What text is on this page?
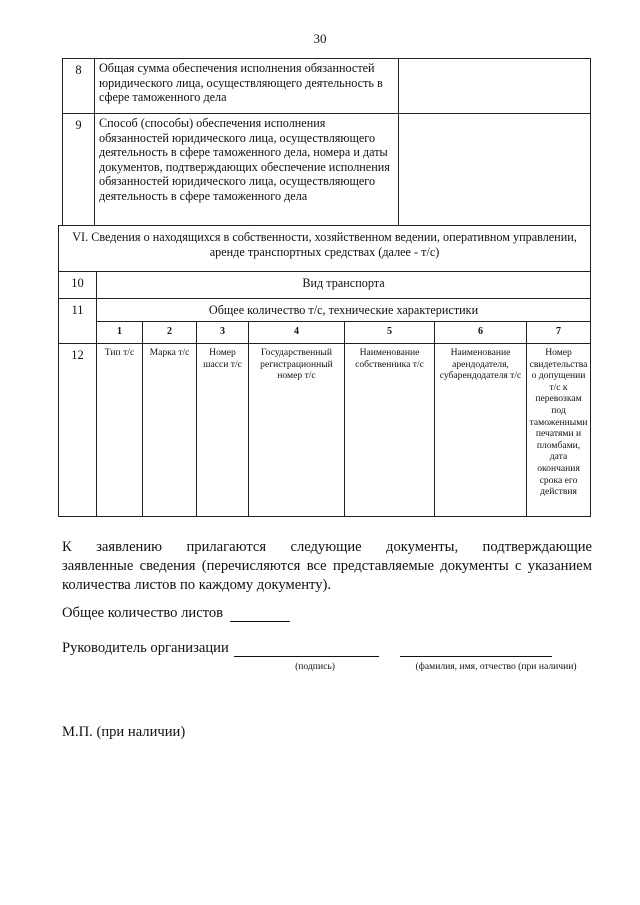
30
8	Общая сумма обеспечения исполнения обязанностей юридического лица, осуществляющего деятельность в сфере таможенного дела	
9	Способ (способы) обеспечения исполнения обязанностей юридического лица, осуществляющего деятельность в сфере таможенного дела, номера и даты документов, подтверждающих обеспечение исполнения обязанностей юридического лица, осуществляющего деятельность в сфере таможенного дела	
VI. Сведения о находящихся в собственности, хозяйственном ведении, оперативном управлении, аренде транспортных средствах (далее - т/с)							
10	Вид транспорта						
11	Общее количество т/с, технические характеристики						
	1	2	3	4	5	6	7
12	Тип т/с	Марка т/с	Номер шасси т/с	Государственный регистрационный номер т/с	Наименование собственника т/с	Наименование арендодателя, субарендодателя т/с	Номер свидетельства о допущении т/с к перевозкам под таможенными печатями и пломбами, дата окончания срока его действия
К заявлению прилагаются следующие документы, подтверждающие
заявленные сведения (перечисляются все представляемые документы с указанием количества листов по каждому документу).
Общее количество листов
Руководитель организации
(подпись)	(фамилия, имя, отчество (при наличии)
М.П. (при наличии)
